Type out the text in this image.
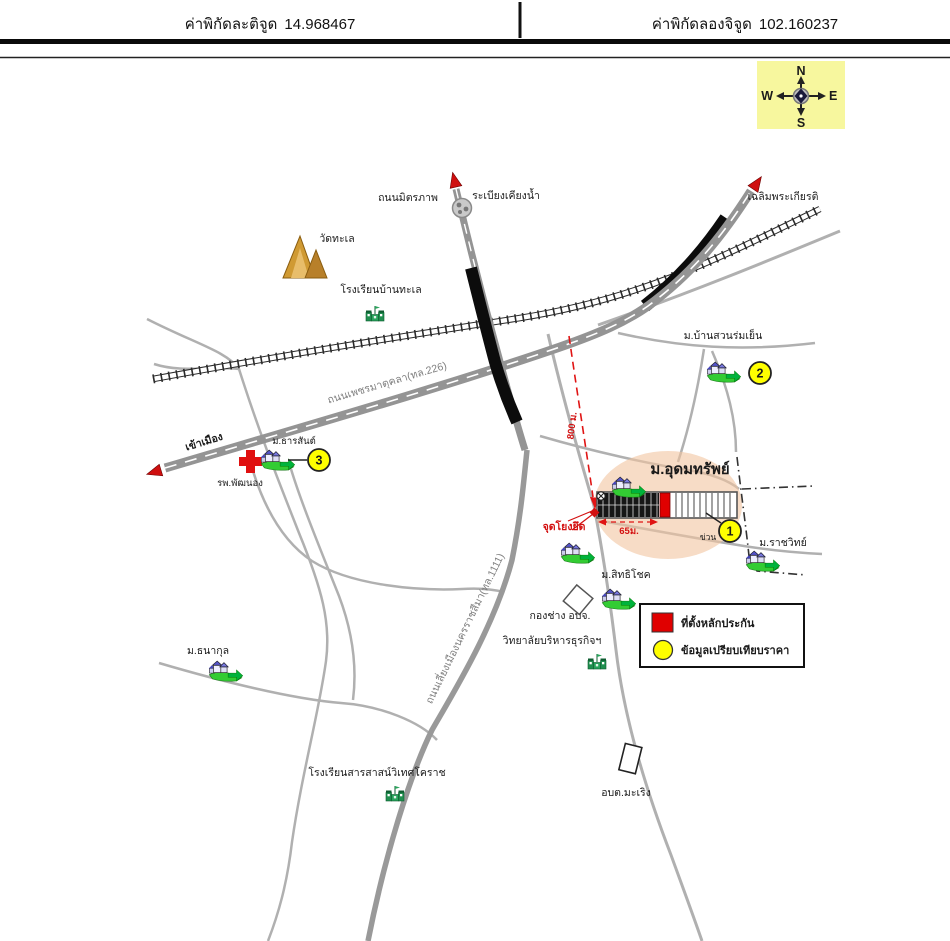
ค่าพิกัดละติจูด 14.968467	ค่าพิกัดลองจิจูด 102.160237
65ม.
ถนนมิตรภาพ	ระเบียงเคียงน้ำ
วัดทะเล
โรงเรียนบ้านทะเล
เฉลิมพระเกียรติ
ม.บ้านสวนร่มเย็น
เข้าเมือง
รพ.พัฒนอง
ม.ธารสันต์
ม.อุดมทรัพย์
จุดโยงยึด
800 ม.
ข่วน
ม.สิทธิโชค
ม.ราชวิทย์
กองช่าง อบจ.
วิทยาลัยบริหารธุรกิจฯ
ม.ธนากุล
โรงเรียนสารสาสน์วิเทศโคราช
อบต.มะเริง
ถนนเลี่ยงเมืองนครราชสีมา(ทล.1111)
ถนนเพชรมาตุคลา(ทล.226)	2
3
1
ที่ตั้งหลักประกัน
ข้อมูลเปรียบเทียบราคา
N
S
W	E
